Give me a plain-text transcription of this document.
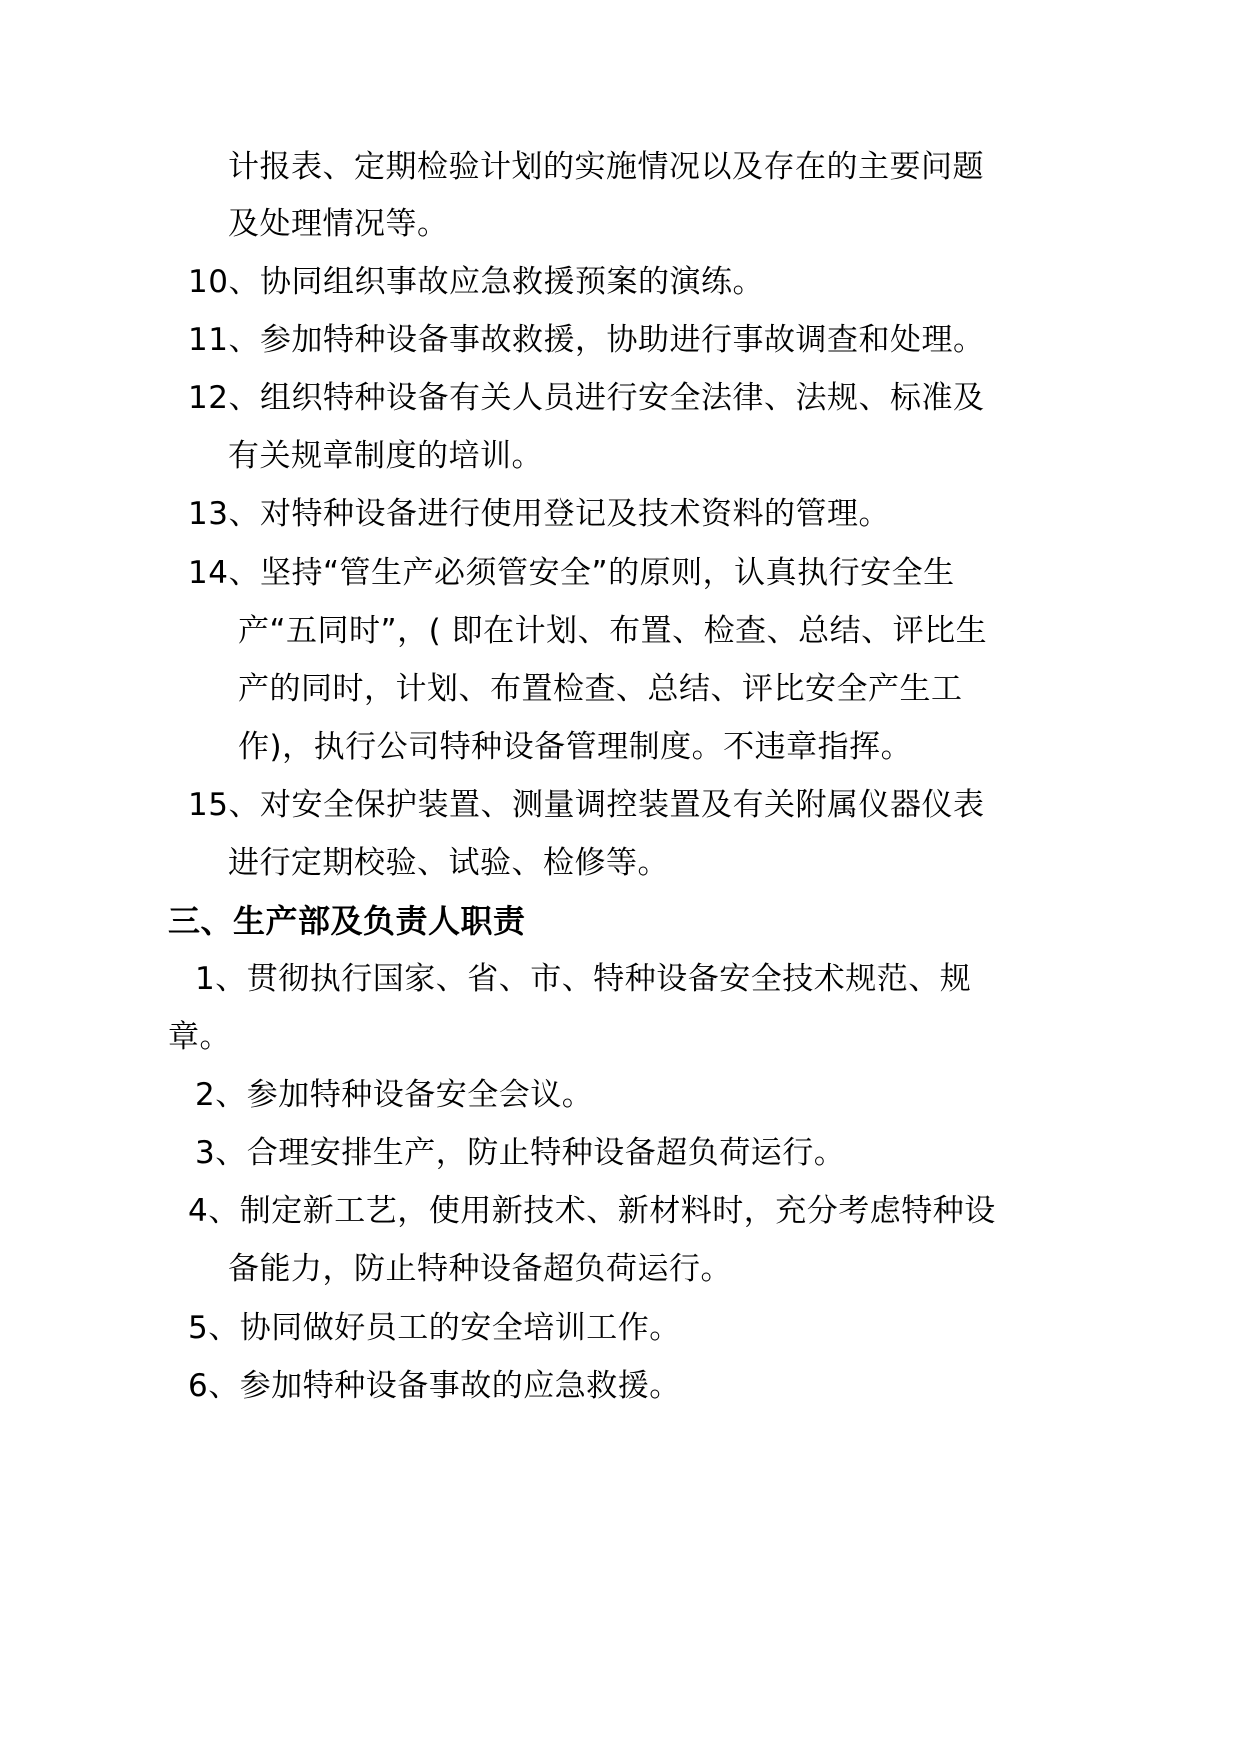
计报表、定期检验计划的实施情况以及存在的主要问题

及处理情况等。

10、协同组织事故应急救援预案的演练。

11、参加特种设备事故救援，协助进行事故调查和处理。

12、组织特种设备有关人员进行安全法律、法规、标准及

有关规章制度的培训。

13、对特种设备进行使用登记及技术资料的管理。

14、坚持“管生产必须管安全”的原则，认真执行安全生

产“五同时”，( 即在计划、布置、检查、总结、评比生

产的同时，计划、布置检查、总结、评比安全产生工

作)，执行公司特种设备管理制度。不违章指挥。

15、对安全保护装置、测量调控装置及有关附属仪器仪表

进行定期校验、试验、检修等。

三、生产部及负责人职责

1、贯彻执行国家、省、市、特种设备安全技术规范、规

章。

2、参加特种设备安全会议。

3、合理安排生产，防止特种设备超负荷运行。

4、制定新工艺，使用新技术、新材料时，充分考虑特种设

备能力，防止特种设备超负荷运行。

5、协同做好员工的安全培训工作。

6、参加特种设备事故的应急救援。
